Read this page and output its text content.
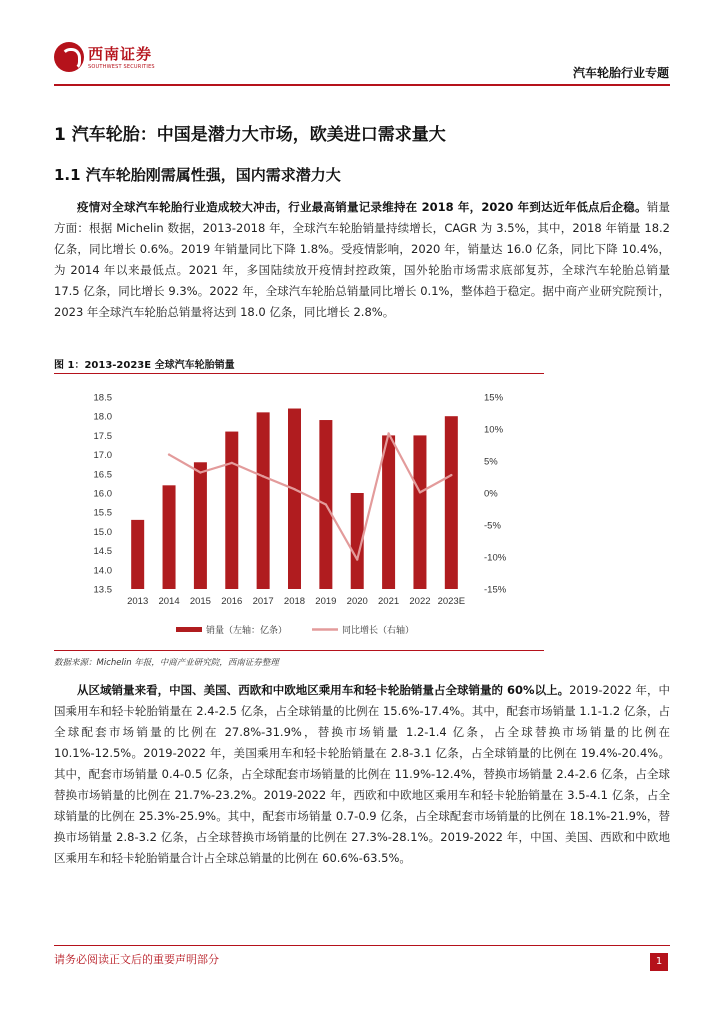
西南证券
SOUTHWEST SECURITIES	汽车轮胎行业专题
1 汽车轮胎：中国是潜力大市场，欧美进口需求量大
1.1 汽车轮胎刚需属性强，国内需求潜力大

疫情对全球汽车轮胎行业造成较大冲击，行业最高销量记录维持在 2018 年，2020 年到达近年低点后企稳。销量方面：根据 Michelin 数据，2013-2018 年，全球汽车轮胎销量持续增长，CAGR 为 3.5%，其中，2018 年销量 18.2 亿条，同比增长 0.6%。2019 年销量同比下降 1.8%。受疫情影响，2020 年，销量达 16.0 亿条，同比下降 10.4%，为 2014 年以来最低点。2021 年，多国陆续放开疫情封控政策，国外轮胎市场需求底部复苏，全球汽车轮胎总销量 17.5 亿条，同比增长 9.3%。2022 年，全球汽车轮胎总销量同比增长 0.1%，整体趋于稳定。据中商产业研究院预计，2023 年全球汽车轮胎总销量将达到 18.0 亿条，同比增长 2.8%。

图 1：2013-2023E 全球汽车轮胎销量
13.5
14.0
14.5
15.0
15.5
16.0
16.5
17.0
17.5
18.0
18.5
-15%
-10%
-5%
0%
5%
10%
15%
2013 2014 2015 2016 2017 2018 2019 2020 2021 2022 2023E
销量（左轴：亿条）	同比增长（右轴）
数据来源：Michelin 年报，中商产业研究院，西南证券整理

从区域销量来看，中国、美国、西欧和中欧地区乘用车和轻卡轮胎销量占全球销量的 60%以上。2019-2022 年，中国乘用车和轻卡轮胎销量在 2.4-2.5 亿条，占全球销量的比例在 15.6%-17.4%。其中，配套市场销量 1.1-1.2 亿条，占全球配套市场销量的比例在 27.8%-31.9%，替换市场销量 1.2-1.4 亿条，占全球替换市场销量的比例在 10.1%-12.5%。2019-2022 年，美国乘用车和轻卡轮胎销量在 2.8-3.1 亿条，占全球销量的比例在 19.4%-20.4%。其中，配套市场销量 0.4-0.5 亿条，占全球配套市场销量的比例在 11.9%-12.4%，替换市场销量 2.4-2.6 亿条，占全球替换市场销量的比例在 21.7%-23.2%。2019-2022 年，西欧和中欧地区乘用车和轻卡轮胎销量在 3.5-4.1 亿条，占全球销量的比例在 25.3%-25.9%。其中，配套市场销量 0.7-0.9 亿条，占全球配套市场销量的比例在 18.1%-21.9%，替换市场销量 2.8-3.2 亿条，占全球替换市场销量的比例在 27.3%-28.1%。2019-2022 年，中国、美国、西欧和中欧地区乘用车和轻卡轮胎销量合计占全球总销量的比例在 60.6%-63.5%。

请务必阅读正文后的重要声明部分	1
